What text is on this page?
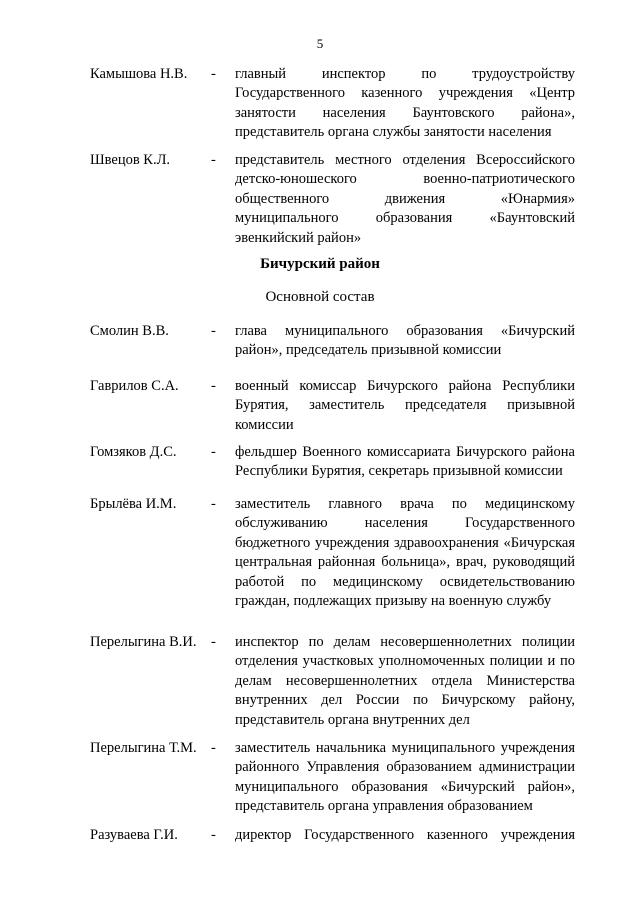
5
Камышова Н.В. - главный инспектор по трудоустройству Государственного казенного учреждения «Центр занятости населения Баунтовского района», представитель органа службы занятости населения
Швецов К.Л.	- представитель местного отделения Всероссийского детско-юношеского военно-патриотического общественного движения «Юнармия» муниципального образования «Баунтовский эвенкийский район»
Бичурский район
Основной состав
Смолин В.В.	- глава муниципального образования «Бичурский район», председатель призывной комиссии
Гаврилов С.А. - военный комиссар Бичурского района Республики Бурятия, заместитель председателя призывной комиссии
Гомзяков Д.С. - фельдшер Военного комиссариата Бичурского района Республики Бурятия, секретарь призывной комиссии
Брылёва И.М. - заместитель главного врача по медицинскому обслуживанию населения Государственного бюджетного учреждения здравоохранения «Бичурская центральная районная больница», врач, руководящий работой по медицинскому освидетельствованию граждан, подлежащих призыву на военную службу
Перелыгина В.И. - инспектор по делам несовершеннолетних полиции отделения участковых уполномоченных полиции и по делам несовершеннолетних отдела Министерства внутренних дел России по Бичурскому району, представитель органа внутренних дел
Перелыгина Т.М. - заместитель начальника муниципального учреждения районного Управления образованием администрации муниципального образования «Бичурский район», представитель органа управления образованием
Разуваева Г.И. - директор Государственного казенного учреждения
